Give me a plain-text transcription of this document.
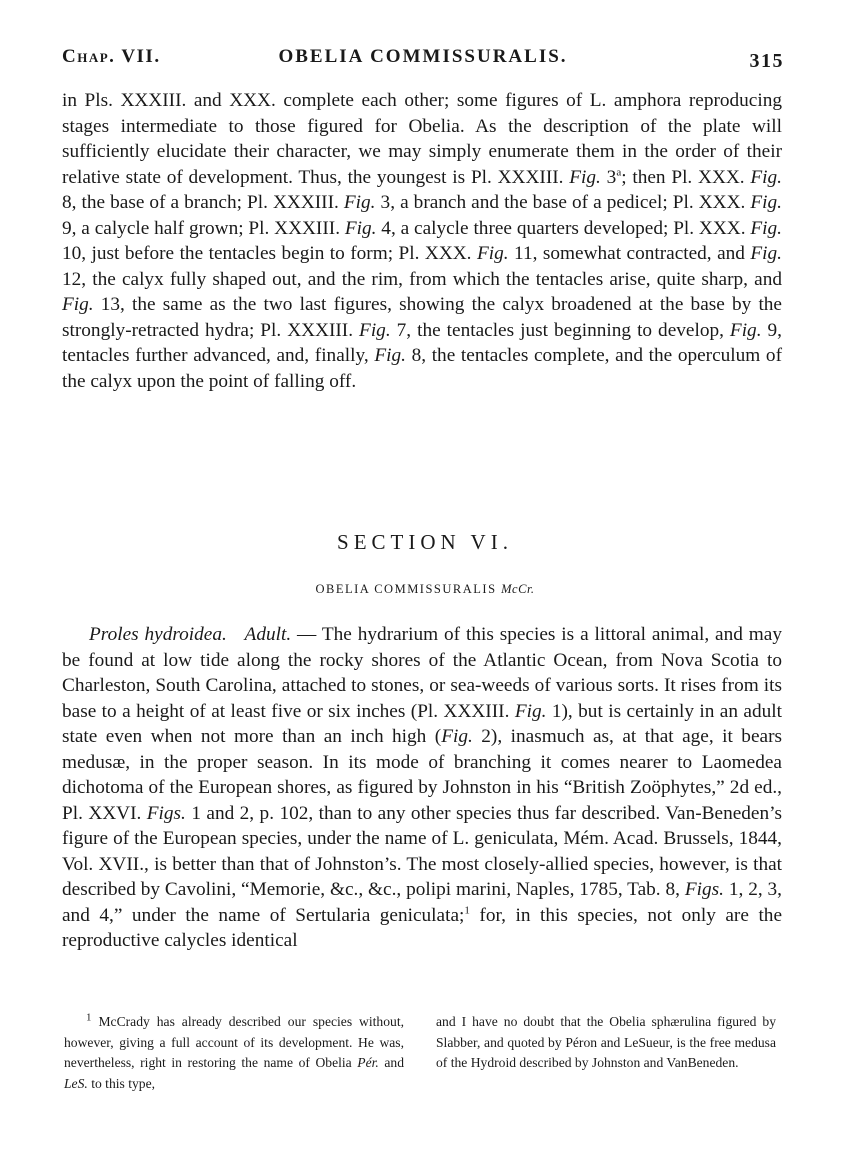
Chap. VII.	OBELIA COMMISSURALIS.	315
in Pls. XXXIII. and XXX. complete each other; some figures of L. amphora reproducing stages intermediate to those figured for Obelia. As the description of the plate will sufficiently elucidate their character, we may simply enumerate them in the order of their relative state of development. Thus, the youngest is Pl. XXXIII. Fig. 3$^a$; then Pl. XXX. Fig. 8, the base of a branch; Pl. XXXIII. Fig. 3, a branch and the base of a pedicel; Pl. XXX. Fig. 9, a calycle half grown; Pl. XXXIII. Fig. 4, a calycle three quarters developed; Pl. XXX. Fig. 10, just before the tentacles begin to form; Pl. XXX. Fig. 11, somewhat contracted, and Fig. 12, the calyx fully shaped out, and the rim, from which the tentacles arise, quite sharp, and Fig. 13, the same as the two last figures, showing the calyx broadened at the base by the strongly-retracted hydra; Pl. XXXIII. Fig. 7, the tentacles just beginning to develop, Fig. 9, tentacles further advanced, and, finally, Fig. 8, the tentacles complete, and the operculum of the calyx upon the point of falling off.
SECTION VI.
OBELIA COMMISSURALIS McCr.
Proles hydroidea. Adult. — The hydrarium of this species is a littoral animal, and may be found at low tide along the rocky shores of the Atlantic Ocean, from Nova Scotia to Charleston, South Carolina, attached to stones, or sea-weeds of various sorts. It rises from its base to a height of at least five or six inches (Pl. XXXIII. Fig. 1), but is certainly in an adult state even when not more than an inch high (Fig. 2), inasmuch as, at that age, it bears medusæ, in the proper season. In its mode of branching it comes nearer to Laomedea dichotoma of the European shores, as figured by Johnston in his “British Zoöphytes,” 2d ed., Pl. XXVI. Figs. 1 and 2, p. 102, than to any other species thus far described. Van-Beneden’s figure of the European species, under the name of L. geniculata, Mém. Acad. Brussels, 1844, Vol. XVII., is better than that of Johnston’s. The most closely-allied species, however, is that described by Cavolini, “Memorie, &c., &c., polipi marini, Naples, 1785, Tab. 8, Figs. 1, 2, 3, and 4,” under the name of Sertularia geniculata;$^1$ for, in this species, not only are the reproductive calycles identical
$^1$ McCrady has already described our species without, however, giving a full account of its development. He was, nevertheless, right in restoring the name of Obelia Pér. and LeS. to this type,
and I have no doubt that the Obelia sphærulina figured by Slabber, and quoted by Péron and LeSueur, is the free medusa of the Hydroid described by Johnston and VanBeneden.
